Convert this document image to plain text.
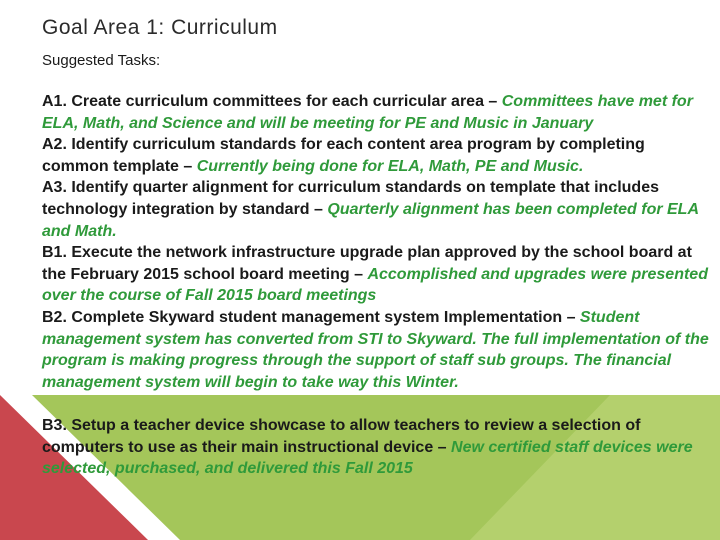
Goal Area 1: Curriculum
Suggested Tasks:

A1. Create curriculum committees for each curricular area – Committees have met for ELA, Math, and Science and will be meeting for PE and Music in January

A2. Identify curriculum standards for each content area program by completing common template – Currently being done for ELA, Math, PE and Music.

A3. Identify quarter alignment for curriculum standards on template that includes technology integration by standard – Quarterly alignment has been completed for ELA and Math.

B1. Execute the network infrastructure upgrade plan approved by the school board at the February 2015 school board meeting – Accomplished and upgrades were presented over the course of Fall 2015 board meetings

B2. Complete Skyward student management system Implementation – Student management system has converted from STI to Skyward. The full implementation of the program is making progress through the support of staff sub groups. The financial management system will begin to take way this Winter.

B3. Setup a teacher device showcase to allow teachers to review a selection of computers to use as their main instructional device – New certified staff devices were selected, purchased, and delivered this Fall 2015
